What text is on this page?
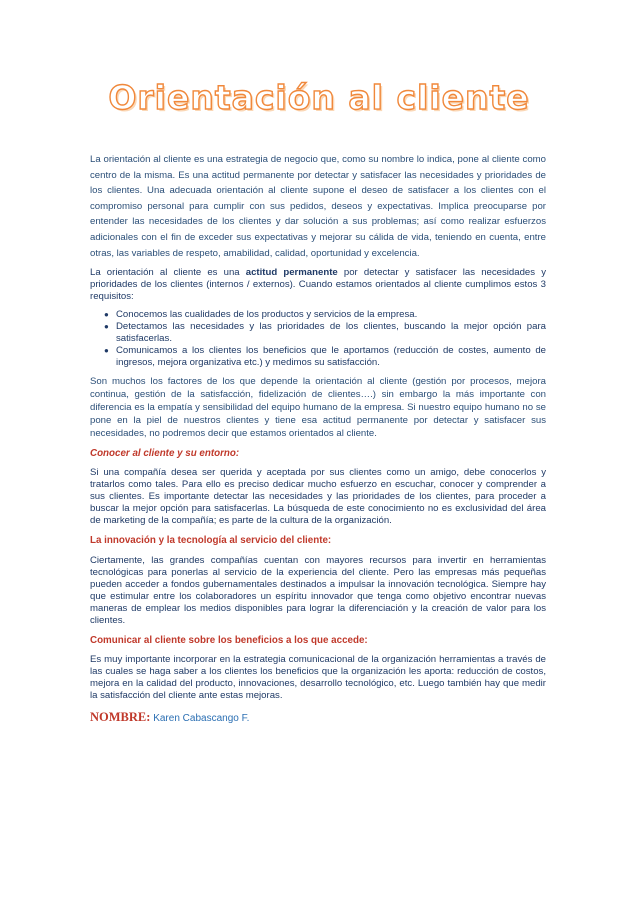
Orientación al cliente

La orientación al cliente es una estrategia de negocio que, como su nombre lo indica, pone al cliente como centro de la misma. Es una actitud permanente por detectar y satisfacer las necesidades y prioridades de los clientes. Una adecuada orientación al cliente supone el deseo de satisfacer a los clientes con el compromiso personal para cumplir con sus pedidos, deseos y expectativas. Implica preocuparse por entender las necesidades de los clientes y dar solución a sus problemas; así como realizar esfuerzos adicionales con el fin de exceder sus expectativas y mejorar su cálida de vida, teniendo en cuenta, entre otras, las variables de respeto, amabilidad, calidad, oportunidad y excelencia.

La orientación al cliente es una actitud permanente por detectar y satisfacer las necesidades y prioridades de los clientes (internos / externos). Cuando estamos orientados al cliente cumplimos estos 3 requisitos:

● Conocemos las cualidades de los productos y servicios de la empresa.
● Detectamos las necesidades y las prioridades de los clientes, buscando la mejor opción para satisfacerlas.
● Comunicamos a los clientes los beneficios que le aportamos (reducción de costes, aumento de ingresos, mejora organizativa etc.) y medimos su satisfacción.

Son muchos los factores de los que depende la orientación al cliente (gestión por procesos, mejora continua, gestión de la satisfacción, fidelización de clientes….) sin embargo la más importante con diferencia es la empatía y sensibilidad del equipo humano de la empresa. Si nuestro equipo humano no se pone en la piel de nuestros clientes y tiene esa actitud permanente por detectar y satisfacer sus necesidades, no podremos decir que estamos orientados al cliente.

Conocer al cliente y su entorno:

Si una compañía desea ser querida y aceptada por sus clientes como un amigo, debe conocerlos y tratarlos como tales. Para ello es preciso dedicar mucho esfuerzo en escuchar, conocer y comprender a sus clientes. Es importante detectar las necesidades y las prioridades de los clientes, para proceder a buscar la mejor opción para satisfacerlas. La búsqueda de este conocimiento no es exclusividad del área de marketing de la compañía; es parte de la cultura de la organización.

La innovación y la tecnología al servicio del cliente:

Ciertamente, las grandes compañías cuentan con mayores recursos para invertir en herramientas tecnológicas para ponerlas al servicio de la experiencia del cliente. Pero las empresas más pequeñas pueden acceder a fondos gubernamentales destinados a impulsar la innovación tecnológica. Siempre hay que estimular entre los colaboradores un espíritu innovador que tenga como objetivo encontrar nuevas maneras de emplear los medios disponibles para lograr la diferenciación y la creación de valor para los clientes.

Comunicar al cliente sobre los beneficios a los que accede:

Es muy importante incorporar en la estrategia comunicacional de la organización herramientas a través de las cuales se haga saber a los clientes los beneficios que la organización les aporta: reducción de costos, mejora en la calidad del producto, innovaciones, desarrollo tecnológico, etc. Luego también hay que medir la satisfacción del cliente ante estas mejoras.

NOMBRE: Karen Cabascango F.
